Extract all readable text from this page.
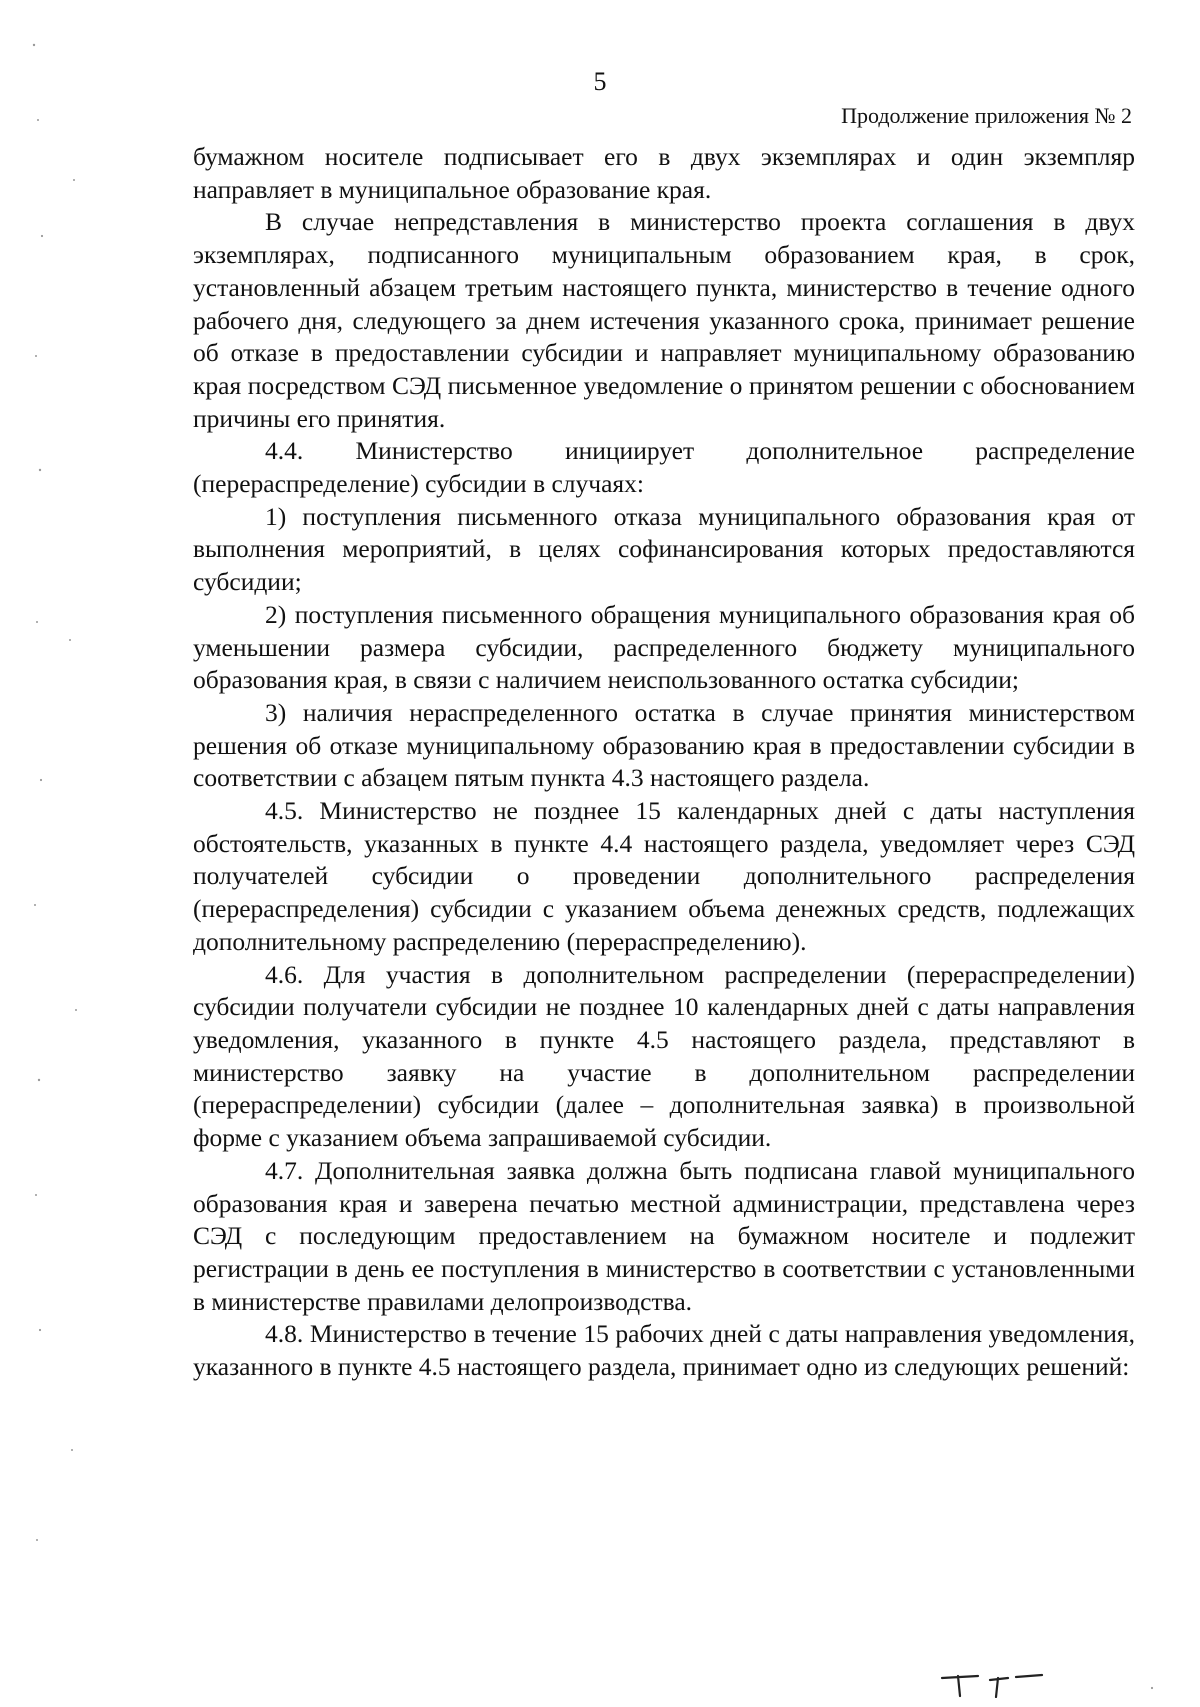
5
Продолжение приложения № 2

бумажном носителе подписывает его в двух экземплярах и один экземпляр направляет в муниципальное образование края.

В случае непредставления в министерство проекта соглашения в двух экземплярах, подписанного муниципальным образованием края, в срок, установленный абзацем третьим настоящего пункта, министерство в течение одного рабочего дня, следующего за днем истечения указанного срока, принимает решение об отказе в предоставлении субсидии и направляет муниципальному образованию края посредством СЭД письменное уведомление о принятом решении с обоснованием причины его принятия.

4.4. Министерство инициирует дополнительное распределение (перераспределение) субсидии в случаях:

1) поступления письменного отказа муниципального образования края от выполнения мероприятий, в целях софинансирования которых предоставляются субсидии;

2) поступления письменного обращения муниципального образования края об уменьшении размера субсидии, распределенного бюджету муниципального образования края, в связи с наличием неиспользованного остатка субсидии;

3) наличия нераспределенного остатка в случае принятия министерством решения об отказе муниципальному образованию края в предоставлении субсидии в соответствии с абзацем пятым пункта 4.3 настоящего раздела.

4.5. Министерство не позднее 15 календарных дней с даты наступления обстоятельств, указанных в пункте 4.4 настоящего раздела, уведомляет через СЭД получателей субсидии о проведении дополнительного распределения (перераспределения) субсидии с указанием объема денежных средств, подлежащих дополнительному распределению (перераспределению).

4.6. Для участия в дополнительном распределении (перераспределении) субсидии получатели субсидии не позднее 10 календарных дней с даты направления уведомления, указанного в пункте 4.5 настоящего раздела, представляют в министерство заявку на участие в дополнительном распределении (перераспределении) субсидии (далее – дополнительная заявка) в произвольной форме с указанием объема запрашиваемой субсидии.

4.7. Дополнительная заявка должна быть подписана главой муниципального образования края и заверена печатью местной администрации, представлена через СЭД с последующим предоставлением на бумажном носителе и подлежит регистрации в день ее поступления в министерство в соответствии с установленными в министерстве правилами делопроизводства.

4.8. Министерство в течение 15 рабочих дней с даты направления уведомления, указанного в пункте 4.5 настоящего раздела, принимает одно из следующих решений:
